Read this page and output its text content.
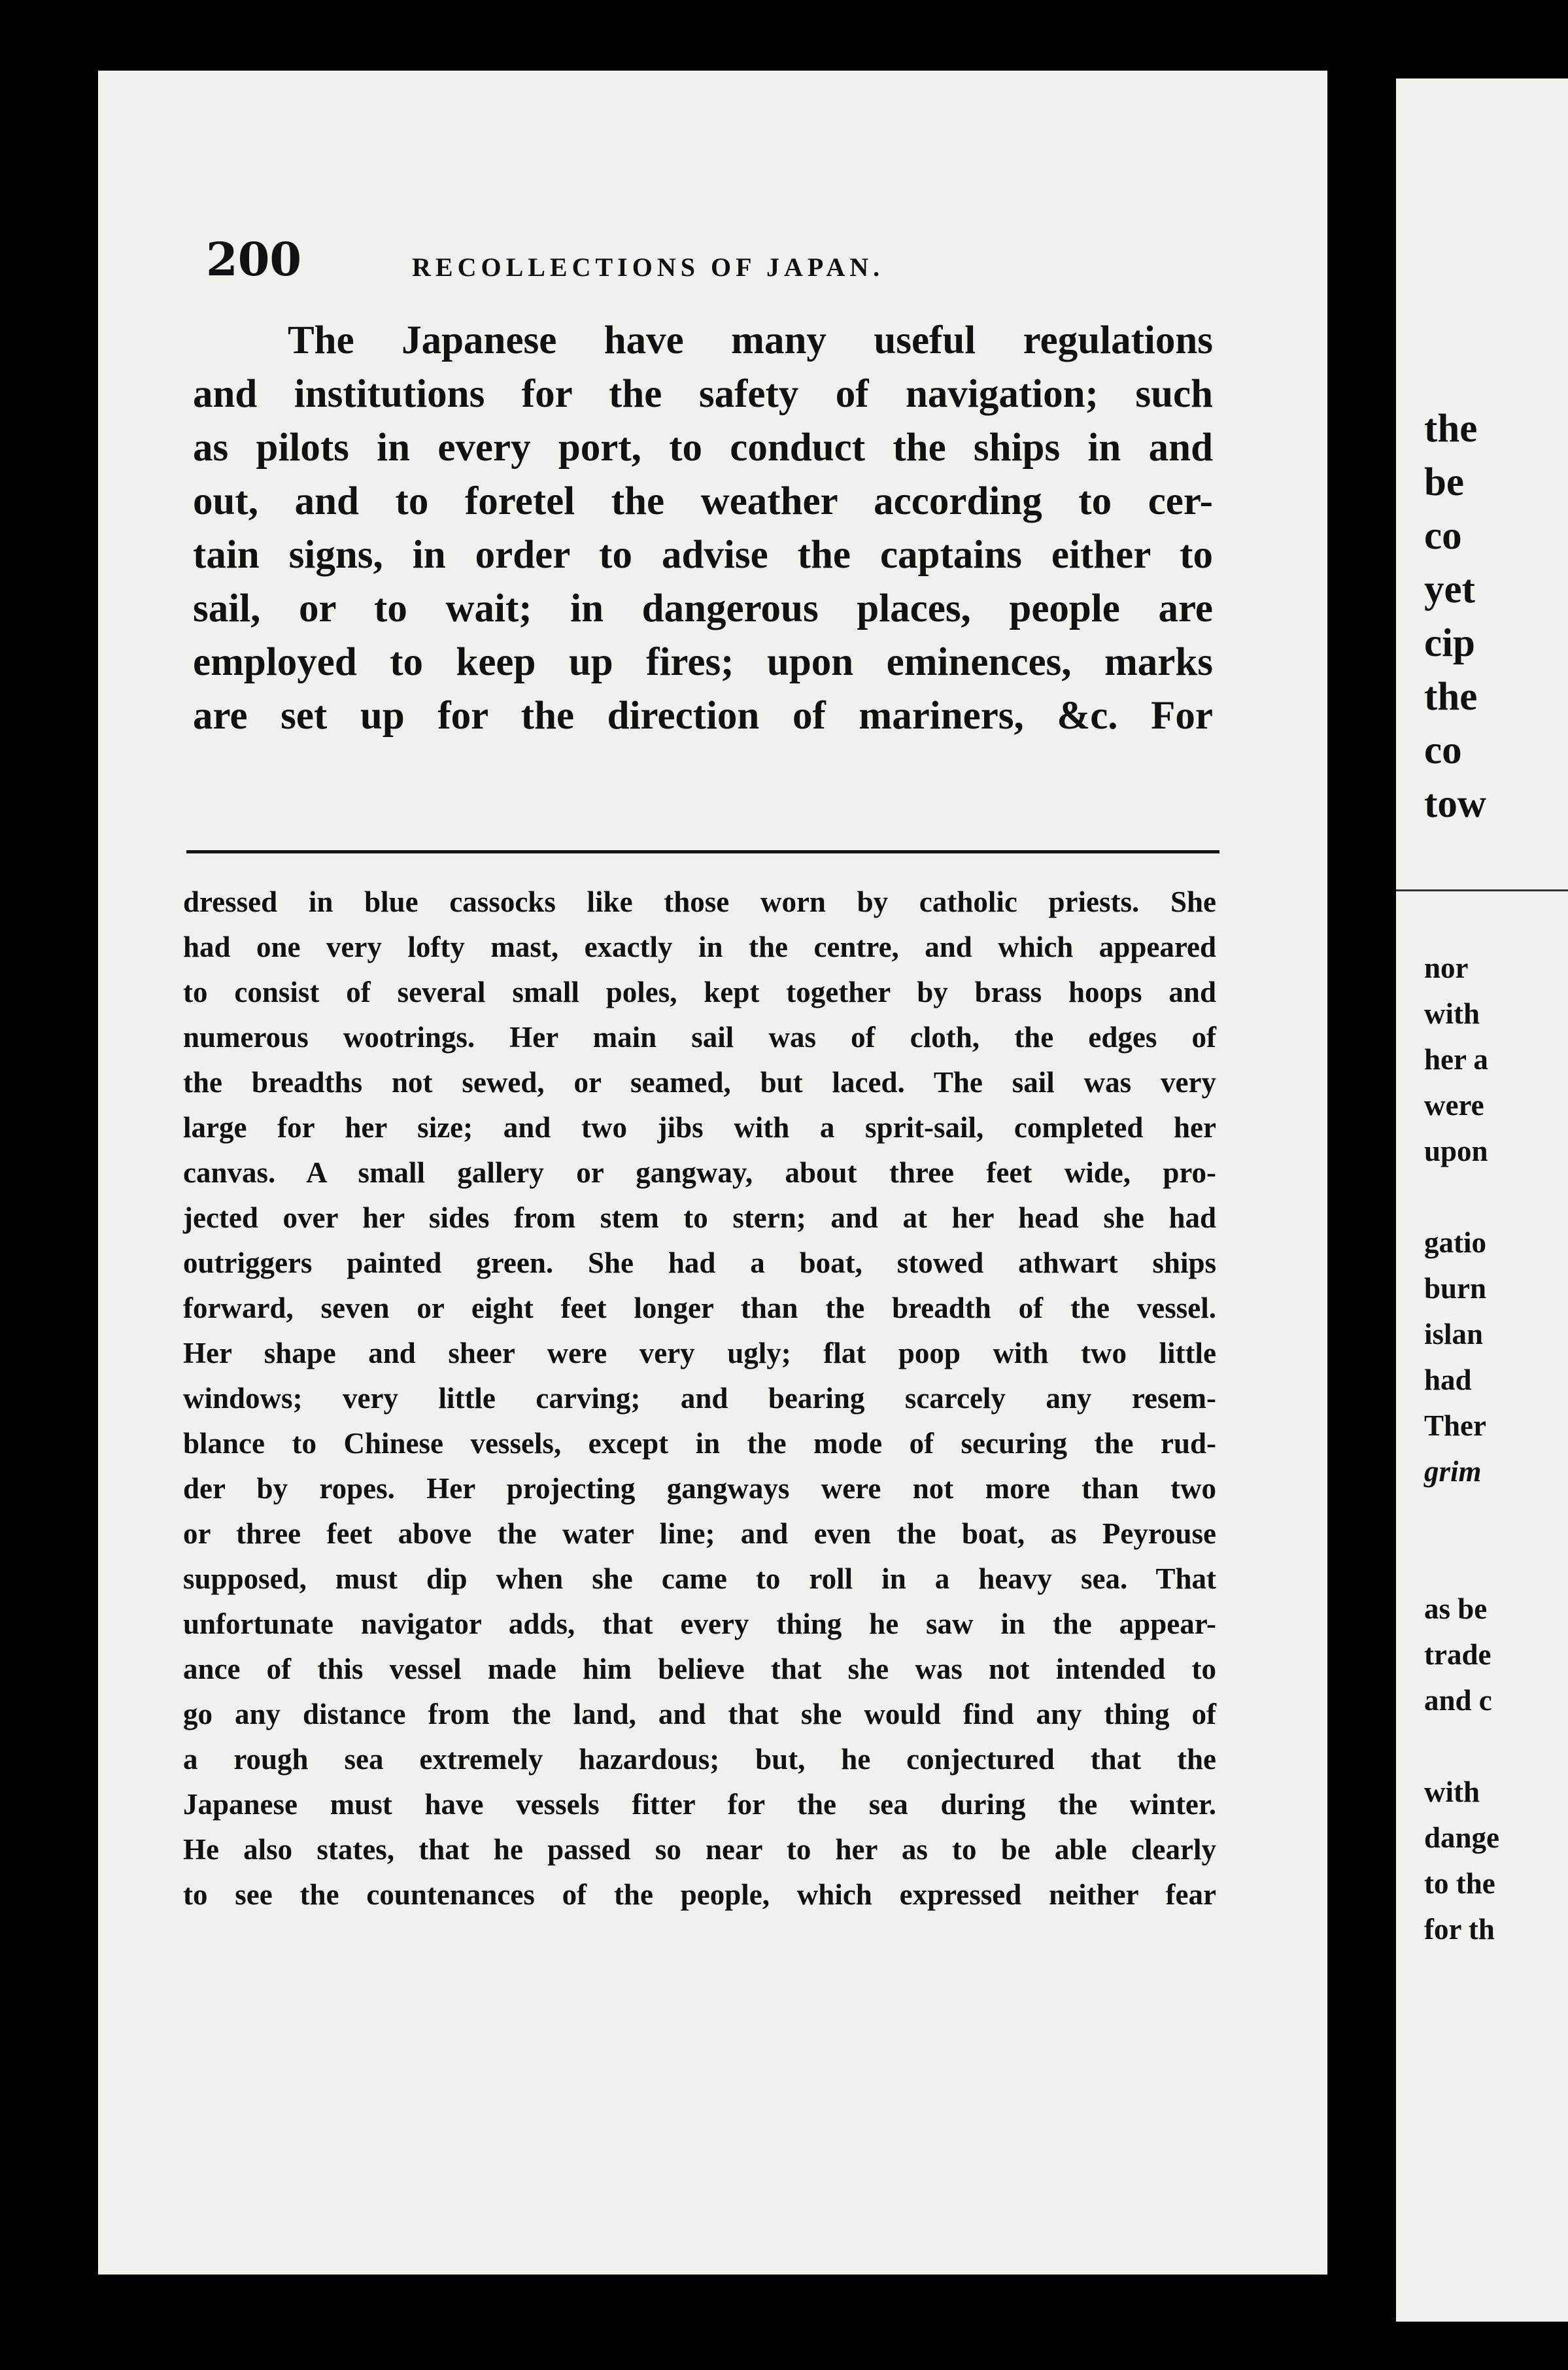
200	RECOLLECTIONS OF JAPAN.
The Japanese have many useful regulations
and institutions for the safety of navigation; such
as pilots in every port, to conduct the ships in and
out, and to foretel the weather according to cer-
tain signs, in order to advise the captains either to
sail, or to wait; in dangerous places, people are
employed to keep up fires; upon eminences, marks
are set up for the direction of mariners, &c. For
dressed in blue cassocks like those worn by catholic priests. She
had one very lofty mast, exactly in the centre, and which appeared
to consist of several small poles, kept together by brass hoops and
numerous wootrings. Her main sail was of cloth, the edges of
the breadths not sewed, or seamed, but laced. The sail was very
large for her size; and two jibs with a sprit-sail, completed her
canvas. A small gallery or gangway, about three feet wide, pro-
jected over her sides from stem to stern; and at her head she had
outriggers painted green. She had a boat, stowed athwart ships
forward, seven or eight feet longer than the breadth of the vessel.
Her shape and sheer were very ugly; flat poop with two little
windows; very little carving; and bearing scarcely any resem-
blance to Chinese vessels, except in the mode of securing the rud-
der by ropes. Her projecting gangways were not more than two
or three feet above the water line; and even the boat, as Peyrouse
supposed, must dip when she came to roll in a heavy sea. That
unfortunate navigator adds, that every thing he saw in the appear-
ance of this vessel made him believe that she was not intended to
go any distance from the land, and that she would find any thing of
a rough sea extremely hazardous; but, he conjectured that the
Japanese must have vessels fitter for the sea during the winter.
He also states, that he passed so near to her as to be able clearly
to see the countenances of the people, which expressed neither fear
the
be
co
yet
cip
the
co
tow
nor
with
her a
were
upon

gatio
burn
islan
had
Ther
grim

as be
trade
and c

with
dange
to the
for th
